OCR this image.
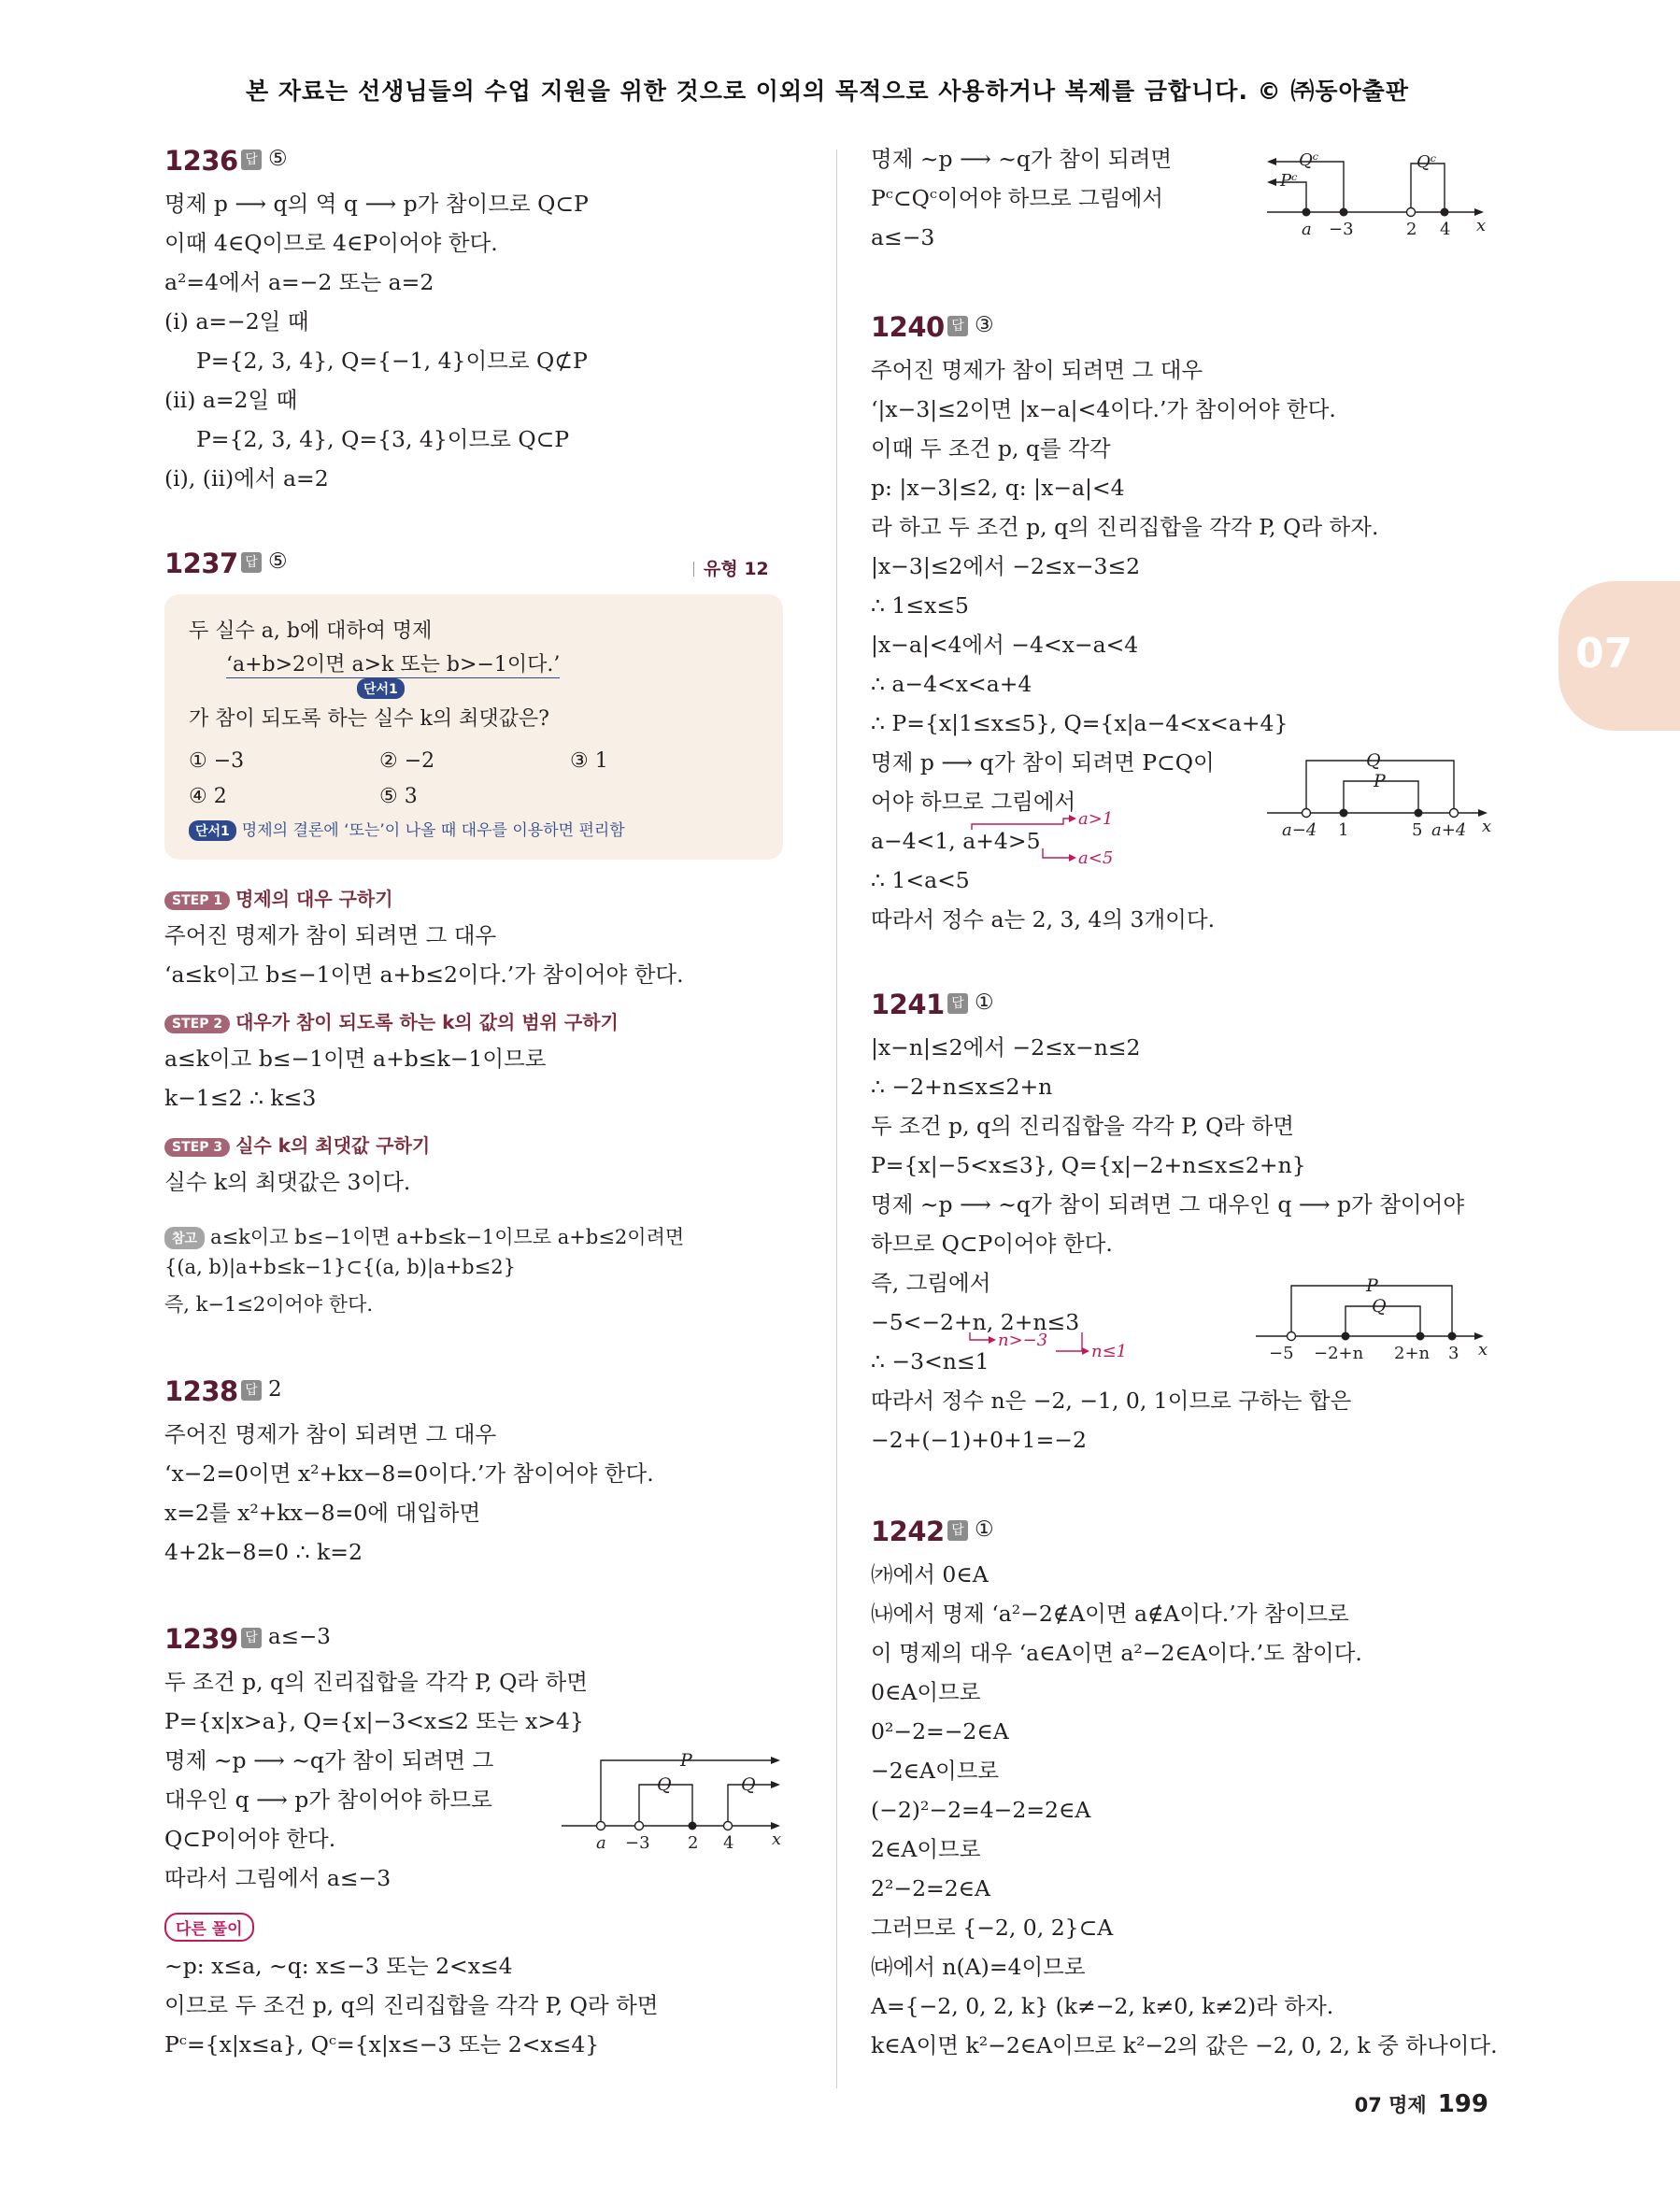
본 자료는 선생님들의 수업 지원을 위한 것으로 이외의 목적으로 사용하거나 복제를 금합니다. © ㈜동아출판
1236 답 ⑤
명제 p ⟶ q의 역 q ⟶ p가 참이므로 Q⊂P
이때 4∈Q이므로 4∈P이어야 한다.
a²=4에서 a=−2 또는 a=2
(ⅰ) a=−2일 때
P={2, 3, 4}, Q={−1, 4}이므로 Q⊄P
(ⅱ) a=2일 때
P={2, 3, 4}, Q={3, 4}이므로 Q⊂P
(ⅰ), (ⅱ)에서 a=2
1237 답 ⑤	유형 12
두 실수 a, b에 대하여 명제
‘a+b>2이면 a>k 또는 b>−1이다.’
단서1
가 참이 되도록 하는 실수 k의 최댓값은?
① −3	② −2	③ 1
④ 2	⑤ 3
단서1 명제의 결론에 ‘또는’이 나올 때 대우를 이용하면 편리함
STEP 1 명제의 대우 구하기
주어진 명제가 참이 되려면 그 대우
‘a≤k이고 b≤−1이면 a+b≤2이다.’가 참이어야 한다.
STEP 2 대우가 참이 되도록 하는 k의 값의 범위 구하기
a≤k이고 b≤−1이면 a+b≤k−1이므로
k−1≤2 ∴ k≤3
STEP 3 실수 k의 최댓값 구하기
실수 k의 최댓값은 3이다.
참고 a≤k이고 b≤−1이면 a+b≤k−1이므로 a+b≤2이려면
{(a, b)|a+b≤k−1}⊂{(a, b)|a+b≤2}
즉, k−1≤2이어야 한다.
1238 답 2
주어진 명제가 참이 되려면 그 대우
‘x−2=0이면 x²+kx−8=0이다.’가 참이어야 한다.
x=2를 x²+kx−8=0에 대입하면
4+2k−8=0 ∴ k=2
1239 답 a≤−3
두 조건 p, q의 진리집합을 각각 P, Q라 하면
P={x|x>a}, Q={x|−3<x≤2 또는 x>4}
명제 ~p ⟶ ~q가 참이 되려면 그
대우인 q ⟶ p가 참이어야 하므로
Q⊂P이어야 한다.
따라서 그림에서 a≤−3
P
Q	Q
a −3 2 4 x
다른 풀이
~p: x≤a, ~q: x≤−3 또는 2<x≤4
이므로 두 조건 p, q의 진리집합을 각각 P, Q라 하면
Pᶜ={x|x≤a}, Qᶜ={x|x≤−3 또는 2<x≤4}
명제 ~p ⟶ ~q가 참이 되려면
Pᶜ⊂Qᶜ이어야 하므로 그림에서
a≤−3
Qᶜ
Pᶜ
Qᶜ
a −3	2 4 x
1240 답 ③
주어진 명제가 참이 되려면 그 대우
‘|x−3|≤2이면 |x−a|<4이다.’가 참이어야 한다.
이때 두 조건 p, q를 각각
p: |x−3|≤2, q: |x−a|<4
라 하고 두 조건 p, q의 진리집합을 각각 P, Q라 하자.
|x−3|≤2에서 −2≤x−3≤2
∴ 1≤x≤5
|x−a|<4에서 −4<x−a<4
∴ a−4<x<a+4
∴ P={x|1≤x≤5}, Q={x|a−4<x<a+4}
명제 p ⟶ q가 참이 되려면 P⊂Q이
어야 하므로 그림에서
a−4<1, a+4>5
∴ 1<a<5
따라서 정수 a는 2, 3, 4의 3개이다.
a>1
a<5
Q
P
a−4 1	5 a+4 x
1241 답 ①
|x−n|≤2에서 −2≤x−n≤2
∴ −2+n≤x≤2+n
두 조건 p, q의 진리집합을 각각 P, Q라 하면
P={x|−5<x≤3}, Q={x|−2+n≤x≤2+n}
명제 ~p ⟶ ~q가 참이 되려면 그 대우인 q ⟶ p가 참이어야
하므로 Q⊂P이어야 한다.
즉, 그림에서
−5<−2+n, 2+n≤3
∴ −3<n≤1
따라서 정수 n은 −2, −1, 0, 1이므로 구하는 합은
−2+(−1)+0+1=−2
n>−3
n≤1
P
Q
−5 −2+n 2+n 3 x
1242 답 ①
㈎에서 0∈A
㈏에서 명제 ‘a²−2∉A이면 a∉A이다.’가 참이므로
이 명제의 대우 ‘a∈A이면 a²−2∈A이다.’도 참이다.
0∈A이므로
0²−2=−2∈A
−2∈A이므로
(−2)²−2=4−2=2∈A
2∈A이므로
2²−2=2∈A
그러므로 {−2, 0, 2}⊂A
㈐에서 n(A)=4이므로
A={−2, 0, 2, k} (k≠−2, k≠0, k≠2)라 하자.
k∈A이면 k²−2∈A이므로 k²−2의 값은 −2, 0, 2, k 중 하나이다.
07
07 명제 199
